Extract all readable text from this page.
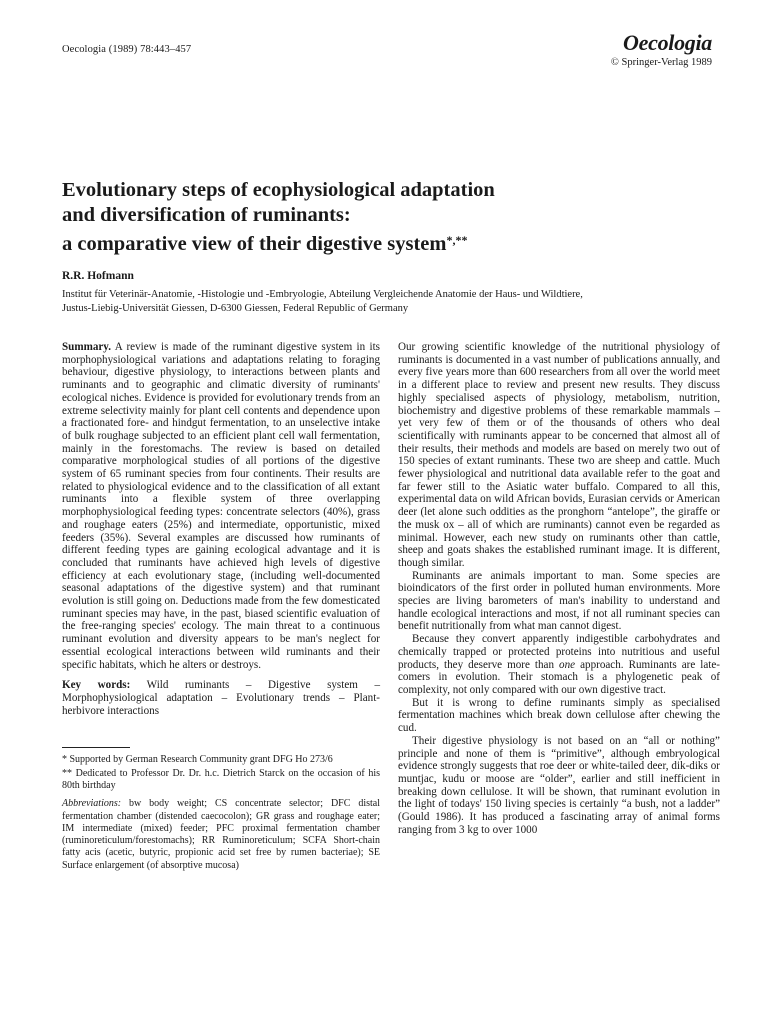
Oecologia (1989) 78:443–457	Oecologia
© Springer-Verlag 1989
Evolutionary steps of ecophysiological adaptation
and diversification of ruminants:
a comparative view of their digestive system*,**
R.R. Hofmann
Institut für Veterinär-Anatomie, -Histologie und -Embryologie, Abteilung Vergleichende Anatomie der Haus- und Wildtiere,
Justus-Liebig-Universität Giessen, D-6300 Giessen, Federal Republic of Germany

Summary. A review is made of the ruminant digestive system in its morphophysiological variations and adaptations relating to foraging behaviour, digestive physiology, to interactions between plants and ruminants and to geographic and climatic diversity of ruminants' ecological niches. Evidence is provided for evolutionary trends from an extreme selectivity mainly for plant cell contents and dependence upon a fractionated fore- and hindgut fermentation, to an unselective intake of bulk roughage subjected to an efficient plant cell wall fermentation, mainly in the forestomachs. The review is based on detailed comparative morphological studies of all portions of the digestive system of 65 ruminant species from four continents. Their results are related to physiological evidence and to the classification of all extant ruminants into a flexible system of three overlapping morphophysiological feeding types: concentrate selectors (40%), grass and roughage eaters (25%) and intermediate, opportunistic, mixed feeders (35%). Several examples are discussed how ruminants of different feeding types are gaining ecological advantage and it is concluded that ruminants have achieved high levels of digestive efficiency at each evolutionary stage, (including well-documented seasonal adaptations of the digestive system) and that ruminant evolution is still going on. Deductions made from the few domesticated ruminant species may have, in the past, biased scientific evaluation of the free-ranging species' ecology. The main threat to a continuous ruminant evolution and diversity appears to be man's neglect for essential ecological interactions between wild ruminants and their specific habitats, which he alters or destroys.

Key words: Wild ruminants – Digestive system – Morphophysiological adaptation – Evolutionary trends – Plant-herbivore interactions

* Supported by German Research Community grant DFG Ho 273/6

** Dedicated to Professor Dr. Dr. h.c. Dietrich Starck on the occasion of his 80th birthday

Abbreviations: bw body weight; CS concentrate selector; DFC distal fermentation chamber (distended caecocolon); GR grass and roughage eater; IM intermediate (mixed) feeder; PFC proximal fermentation chamber (ruminoreticulum/forestomachs); RR Ruminoreticulum; SCFA Short-chain fatty acis (acetic, butyric, propionic acid set free by rumen bacteriae); SE Surface enlargement (of absorptive mucosa)

Our growing scientific knowledge of the nutritional physiology of ruminants is documented in a vast number of publications annually, and every five years more than 600 researchers from all over the world meet in a different place to review and present new results. They discuss highly specialised aspects of physiology, metabolism, nutrition, biochemistry and digestive problems of these remarkable mammals – yet very few of them or of the thousands of others who deal scientifically with ruminants appear to be concerned that almost all of their results, their methods and models are based on merely two out of 150 species of extant ruminants. These two are sheep and cattle. Much fewer physiological and nutritional data available refer to the goat and far fewer still to the Asiatic water buffalo. Compared to all this, experimental data on wild African bovids, Eurasian cervids or American deer (let alone such oddities as the pronghorn “antelope”, the giraffe or the musk ox – all of which are ruminants) cannot even be regarded as minimal. However, each new study on ruminants other than cattle, sheep and goats shakes the established ruminant image. It is different, though similar.

Ruminants are animals important to man. Some species are bioindicators of the first order in polluted human environments. More species are living barometers of man's inability to understand and handle ecological interactions and most, if not all ruminant species can benefit nutritionally from what man cannot digest.

Because they convert apparently indigestible carbohydrates and chemically trapped or protected proteins into nutritious and useful products, they deserve more than one approach. Ruminants are late-comers in evolution. Their stomach is a phylogenetic peak of complexity, not only compared with our own digestive tract.

But it is wrong to define ruminants simply as specialised fermentation machines which break down cellulose after chewing the cud.

Their digestive physiology is not based on an “all or nothing” principle and none of them is “primitive”, although embryological evidence strongly suggests that roe deer or white-tailed deer, dik-diks or muntjac, kudu or moose are “older”, earlier and still inefficient in breaking down cellulose. It will be shown, that ruminant evolution in the light of todays' 150 living species is certainly “a bush, not a ladder” (Gould 1986). It has produced a fascinating array of animal forms ranging from 3 kg to over 1000
